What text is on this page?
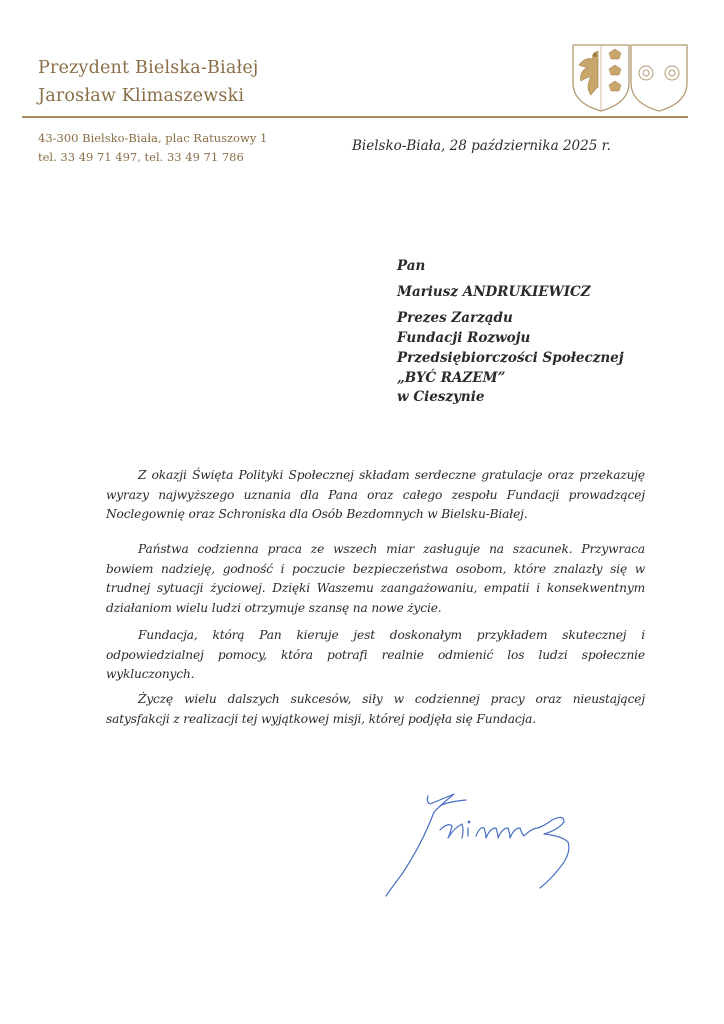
Prezydent Bielska-Białej
Jarosław Klimaszewski
43-300 Bielsko-Biała, plac Ratuszowy 1
tel. 33 49 71 497, tel. 33 49 71 786
Bielsko-Biała, 28 października 2025 r.
Pan
Mariusz ANDRUKIEWICZ
Prezes Zarządu
Fundacji Rozwoju
Przedsiębiorczości Społecznej
„BYĆ RAZEM”
w Cieszynie

Z okazji Święta Polityki Społecznej składam serdeczne gratulacje oraz przekazuję wyrazy najwyższego uznania dla Pana oraz całego zespołu Fundacji prowadzącej Noclegownię oraz Schroniska dla Osób Bezdomnych w Bielsku-Białej.

Państwa codzienna praca ze wszech miar zasługuje na szacunek. Przywraca bowiem nadzieję, godność i poczucie bezpieczeństwa osobom, które znalazły się w trudnej sytuacji życiowej. Dzięki Waszemu zaangażowaniu, empatii i konsekwentnym działaniom wielu ludzi otrzymuje szansę na nowe życie.

Fundacja, którą Pan kieruje jest doskonałym przykładem skutecznej i odpowiedzialnej pomocy, która potrafi realnie odmienić los ludzi społecznie wykluczonych.

Życzę wielu dalszych sukcesów, siły w codziennej pracy oraz nieustającej satysfakcji z realizacji tej wyjątkowej misji, której podjęła się Fundacja.
